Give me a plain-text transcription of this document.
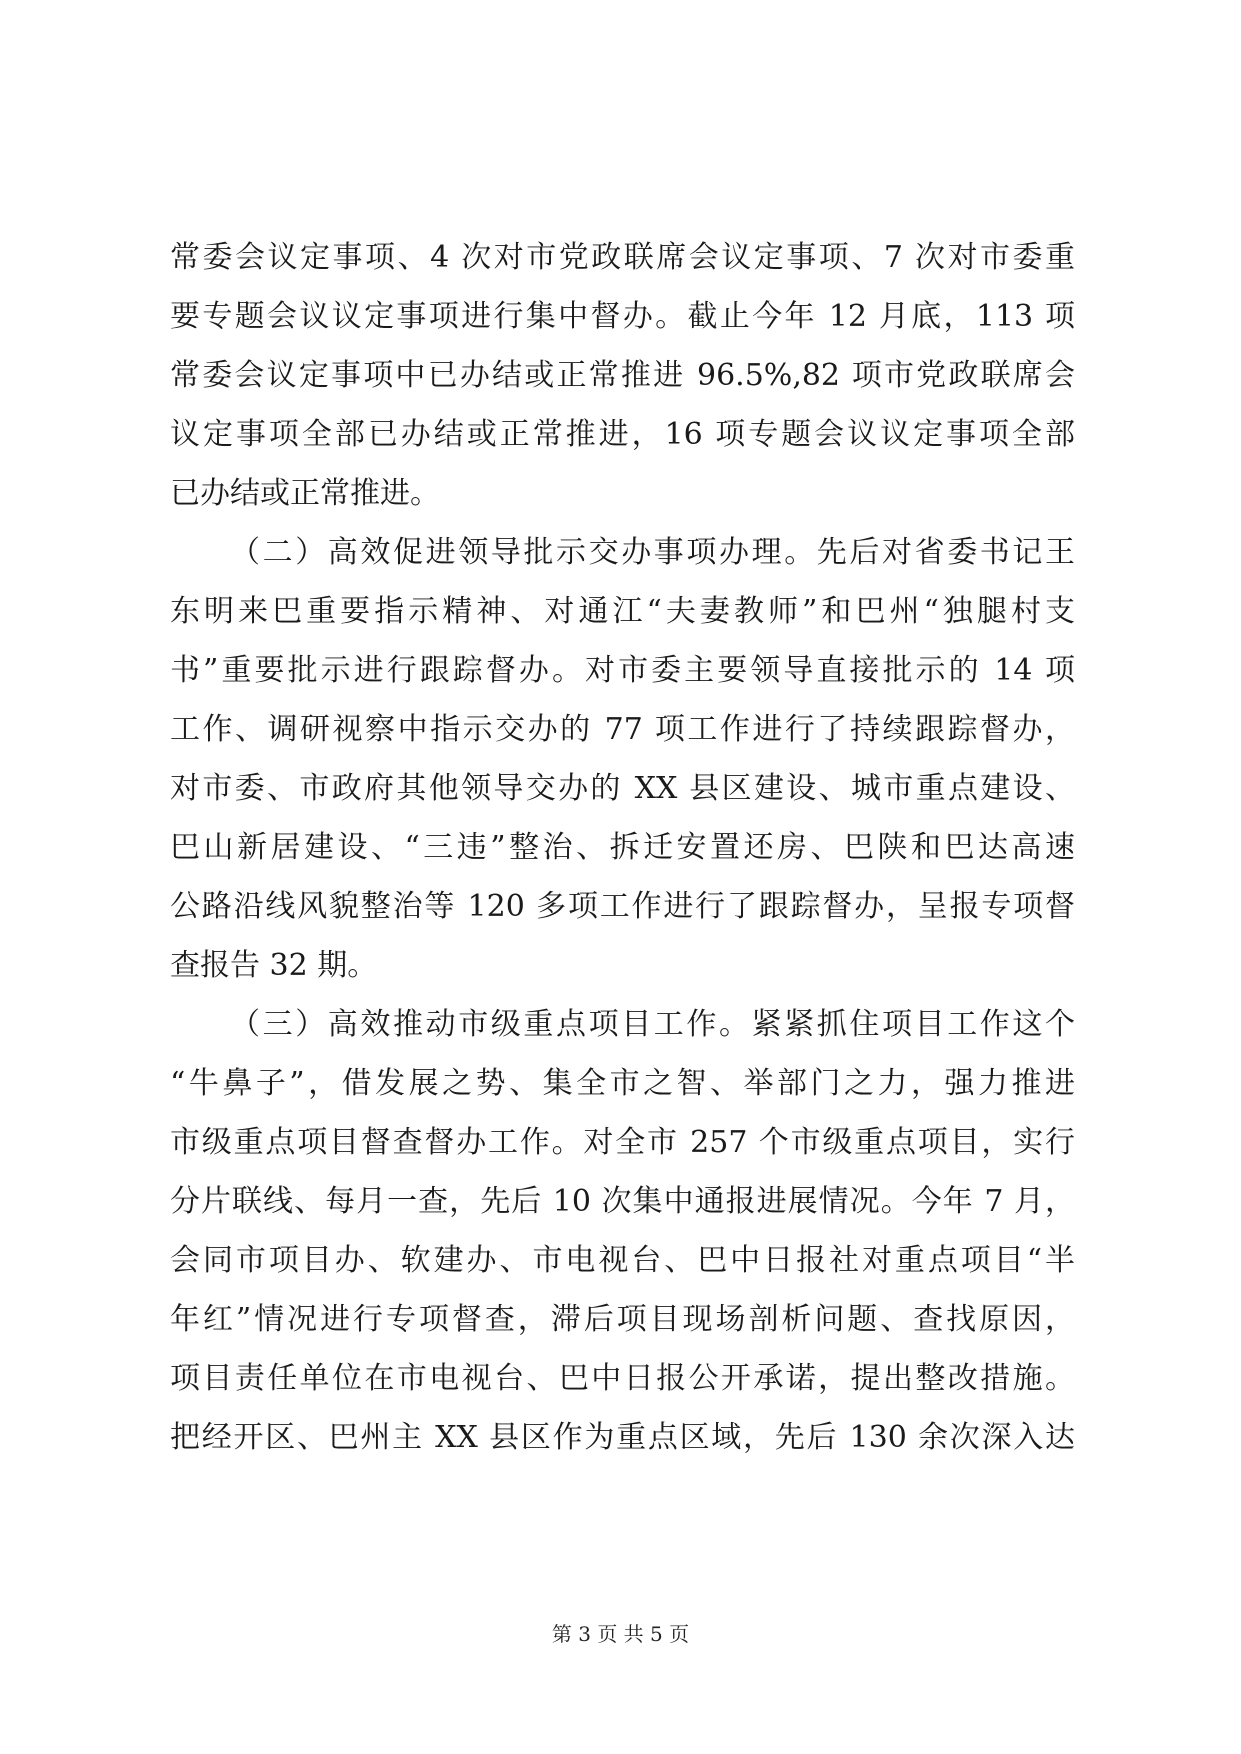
常委会议定事项、4 次对市党政联席会议定事项、7 次对市委重
要专题会议议定事项进行集中督办。截止今年 12 月底，113 项
常委会议定事项中已办结或正常推进 96.5%,82 项市党政联席会
议定事项全部已办结或正常推进，16 项专题会议议定事项全部
已办结或正常推进。
（二）高效促进领导批示交办事项办理。先后对省委书记王
东明来巴重要指示精神、对通江“夫妻教师”和巴州“独腿村支
书”重要批示进行跟踪督办。对市委主要领导直接批示的 14 项
工作、调研视察中指示交办的 77 项工作进行了持续跟踪督办，
对市委、市政府其他领导交办的 XX 县区建设、城市重点建设、
巴山新居建设、“三违”整治、拆迁安置还房、巴陕和巴达高速
公路沿线风貌整治等 120 多项工作进行了跟踪督办，呈报专项督
查报告 32 期。
（三）高效推动市级重点项目工作。紧紧抓住项目工作这个
“牛鼻子”，借发展之势、集全市之智、举部门之力，强力推进
市级重点项目督查督办工作。对全市 257 个市级重点项目，实行
分片联线、每月一查，先后 10 次集中通报进展情况。今年 7 月，
会同市项目办、软建办、市电视台、巴中日报社对重点项目“半
年红”情况进行专项督查，滞后项目现场剖析问题、查找原因，
项目责任单位在市电视台、巴中日报公开承诺，提出整改措施。
把经开区、巴州主 XX 县区作为重点区域，先后 130 余次深入达
第 3 页 共 5 页
